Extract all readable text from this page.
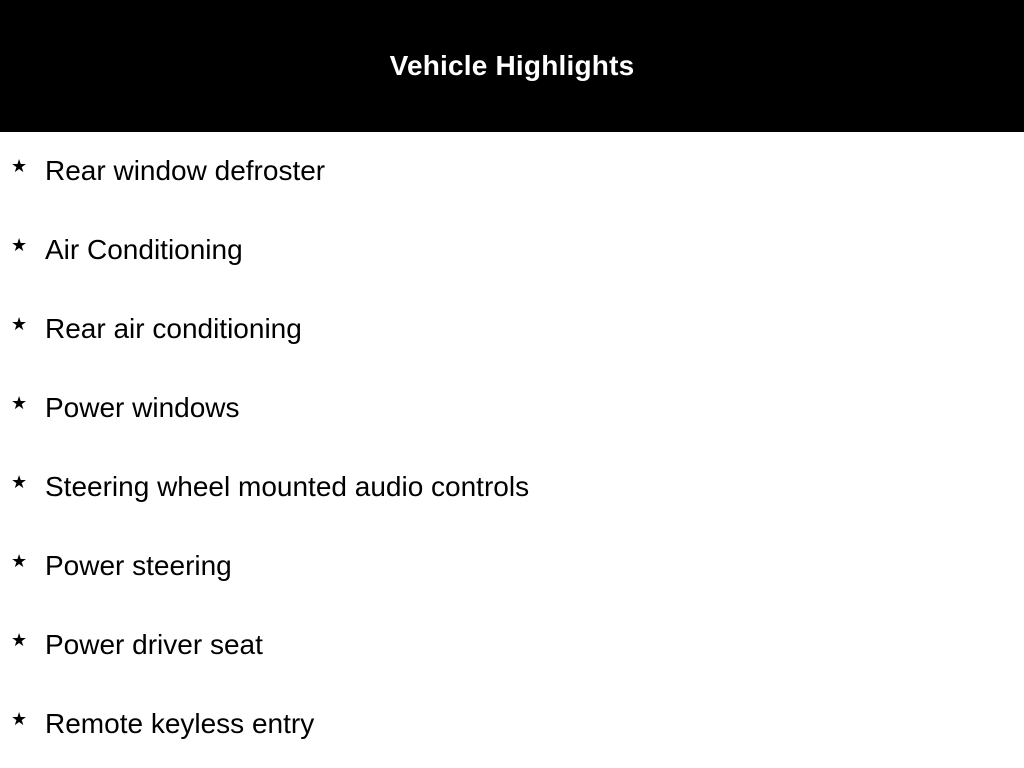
Vehicle Highlights
★ Rear window defroster
★ Air Conditioning
★ Rear air conditioning
★ Power windows
★ Steering wheel mounted audio controls
★ Power steering
★ Power driver seat
★ Remote keyless entry
